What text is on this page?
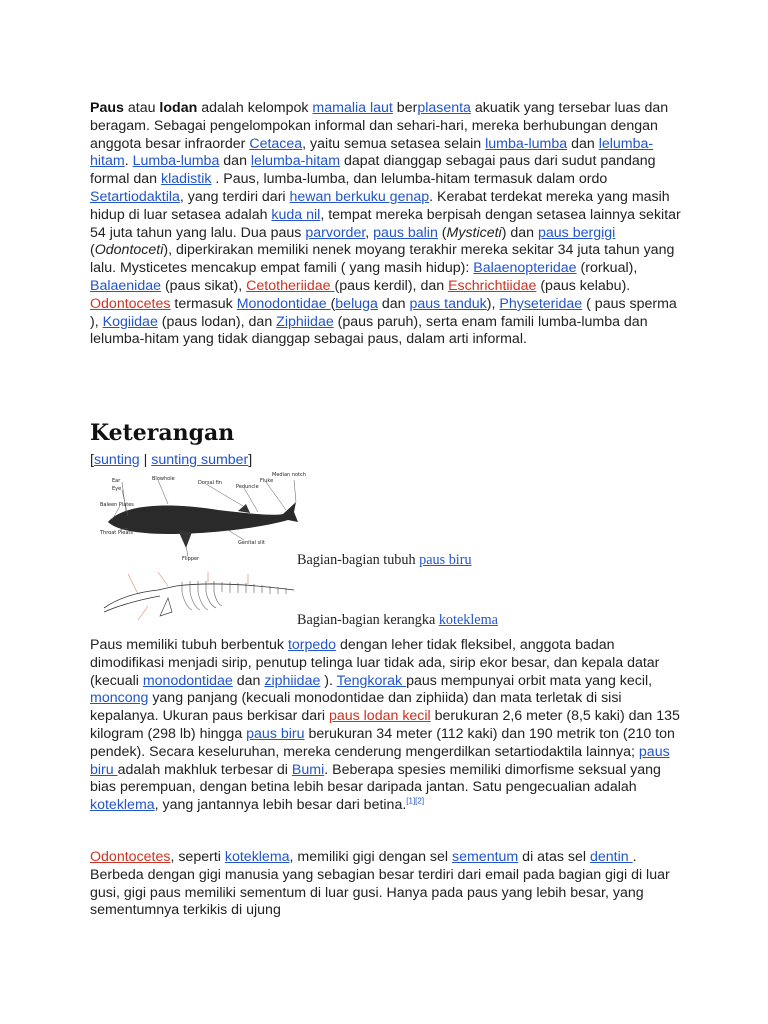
Paus atau lodan adalah kelompok mamalia laut berplasenta akuatik yang tersebar luas dan beragam. Sebagai pengelompokan informal dan sehari-hari, mereka berhubungan dengan anggota besar infraorder Cetacea, yaitu semua setasea selain lumba-lumba dan lelumba-hitam. Lumba-lumba dan lelumba-hitam dapat dianggap sebagai paus dari sudut pandang formal dan kladistik . Paus, lumba-lumba, dan lelumba-hitam termasuk dalam ordo Setartiodaktila, yang terdiri dari hewan berkuku genap. Kerabat terdekat mereka yang masih hidup di luar setasea adalah kuda nil, tempat mereka berpisah dengan setasea lainnya sekitar 54 juta tahun yang lalu. Dua paus parvorder, paus balin (Mysticeti) dan paus bergigi (Odontoceti), diperkirakan memiliki nenek moyang terakhir mereka sekitar 34 juta tahun yang lalu. Mysticetes mencakup empat famili ( yang masih hidup): Balaenopteridae (rorkual), Balaenidae (paus sikat), Cetotheriidae (paus kerdil), dan Eschrichtiidae (paus kelabu). Odontocetes termasuk Monodontidae (beluga dan paus tanduk), Physeteridae ( paus sperma ), Kogiidae (paus lodan), dan Ziphiidae (paus paruh), serta enam famili lumba-lumba dan lelumba-hitam yang tidak dianggap sebagai paus, dalam arti informal.

Keterangan
[sunting | sunting sumber]
Ear
Eye
Blowhole
Dorsal fin
Peduncle
Fluke
Median notch
Baleen Plates
Throat Pleats
Flipper
Genital slit
Bagian-bagian tubuh paus biru
Bagian-bagian kerangka koteklema

Paus memiliki tubuh berbentuk torpedo dengan leher tidak fleksibel, anggota badan dimodifikasi menjadi sirip, penutup telinga luar tidak ada, sirip ekor besar, dan kepala datar (kecuali monodontidae dan ziphiidae ). Tengkorak paus mempunyai orbit mata yang kecil, moncong yang panjang (kecuali monodontidae dan ziphiida) dan mata terletak di sisi kepalanya. Ukuran paus berkisar dari paus lodan kecil berukuran 2,6 meter (8,5 kaki) dan 135 kilogram (298 lb) hingga paus biru berukuran 34 meter (112 kaki) dan 190 metrik ton (210 ton pendek). Secara keseluruhan, mereka cenderung mengerdilkan setartiodaktila lainnya; paus biru adalah makhluk terbesar di Bumi. Beberapa spesies memiliki dimorfisme seksual yang bias perempuan, dengan betina lebih besar daripada jantan. Satu pengecualian adalah koteklema, yang jantannya lebih besar dari betina.[1][2]

Odontocetes, seperti koteklema, memiliki gigi dengan sel sementum di atas sel dentin . Berbeda dengan gigi manusia yang sebagian besar terdiri dari email pada bagian gigi di luar gusi, gigi paus memiliki sementum di luar gusi. Hanya pada paus yang lebih besar, yang sementumnya terkikis di ujung
